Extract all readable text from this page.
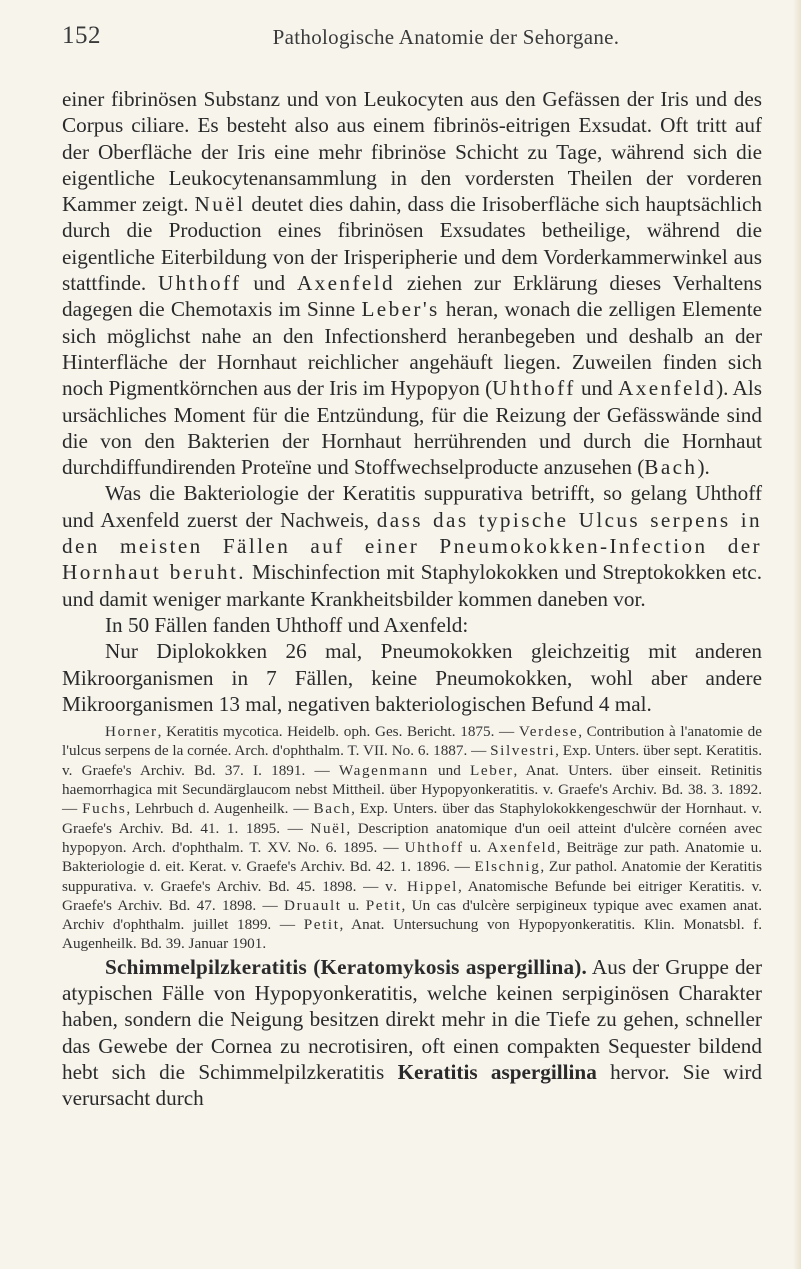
152	Pathologische Anatomie der Sehorgane.

einer fibrinösen Substanz und von Leukocyten aus den Gefässen der Iris und des Corpus ciliare. Es besteht also aus einem fibrinös-eitrigen Exsudat. Oft tritt auf der Oberfläche der Iris eine mehr fibrinöse Schicht zu Tage, während sich die eigentliche Leukocytenansammlung in den vordersten Theilen der vorderen Kammer zeigt. Nuël deutet dies dahin, dass die Irisoberfläche sich hauptsächlich durch die Production eines fibrinösen Exsudates betheilige, während die eigentliche Eiterbildung von der Irisperipherie und dem Vorderkammerwinkel aus stattfinde. Uhthoff und Axenfeld ziehen zur Erklärung dieses Verhaltens dagegen die Chemotaxis im Sinne Leber's heran, wonach die zelligen Elemente sich möglichst nahe an den Infectionsherd heranbegeben und deshalb an der Hinterfläche der Hornhaut reichlicher angehäuft liegen. Zuweilen finden sich noch Pigmentkörnchen aus der Iris im Hypopyon (Uhthoff und Axenfeld). Als ursächliches Moment für die Entzündung, für die Reizung der Gefässwände sind die von den Bakterien der Hornhaut herrührenden und durch die Hornhaut durchdiffundirenden Proteïne und Stoffwechselproducte anzusehen (Bach).

Was die Bakteriologie der Keratitis suppurativa betrifft, so gelang Uhthoff und Axenfeld zuerst der Nachweis, dass das typische Ulcus serpens in den meisten Fällen auf einer Pneumokokken-Infection der Hornhaut beruht. Mischinfection mit Staphylokokken und Streptokokken etc. und damit weniger markante Krankheitsbilder kommen daneben vor.

In 50 Fällen fanden Uhthoff und Axenfeld:

Nur Diplokokken 26 mal, Pneumokokken gleichzeitig mit anderen Mikroorganismen in 7 Fällen, keine Pneumokokken, wohl aber andere Mikroorganismen 13 mal, negativen bakteriologischen Befund 4 mal.

Horner, Keratitis mycotica. Heidelb. oph. Ges. Bericht. 1875. — Verdese, Contribution à l'anatomie de l'ulcus serpens de la cornée. Arch. d'ophthalm. T. VII. No. 6. 1887. — Silvestri, Exp. Unters. über sept. Keratitis. v. Graefe's Archiv. Bd. 37. I. 1891. — Wagenmann und Leber, Anat. Unters. über einseit. Retinitis haemorrhagica mit Secundärglaucom nebst Mittheil. über Hypopyonkeratitis. v. Graefe's Archiv. Bd. 38. 3. 1892. — Fuchs, Lehrbuch d. Augenheilk. — Bach, Exp. Unters. über das Staphylokokkengeschwür der Hornhaut. v. Graefe's Archiv. Bd. 41. 1. 1895. — Nuël, Description anatomique d'un oeil atteint d'ulcère cornéen avec hypopyon. Arch. d'ophthalm. T. XV. No. 6. 1895. — Uhthoff u. Axenfeld, Beiträge zur path. Anatomie u. Bakteriologie d. eit. Kerat. v. Graefe's Archiv. Bd. 42. 1. 1896. — Elschnig, Zur pathol. Anatomie der Keratitis suppurativa. v. Graefe's Archiv. Bd. 45. 1898. — v. Hippel, Anatomische Befunde bei eitriger Keratitis. v. Graefe's Archiv. Bd. 47. 1898. — Druault u. Petit, Un cas d'ulcère serpigineux typique avec examen anat. Archiv d'ophthalm. juillet 1899. — Petit, Anat. Untersuchung von Hypopyonkeratitis. Klin. Monatsbl. f. Augenheilk. Bd. 39. Januar 1901.

Schimmelpilzkeratitis (Keratomykosis aspergillina). Aus der Gruppe der atypischen Fälle von Hypopyonkeratitis, welche keinen serpiginösen Charakter haben, sondern die Neigung besitzen direkt mehr in die Tiefe zu gehen, schneller das Gewebe der Cornea zu necrotisiren, oft einen compakten Sequester bildend hebt sich die Schimmelpilzkeratitis Keratitis aspergillina hervor. Sie wird verursacht durch
